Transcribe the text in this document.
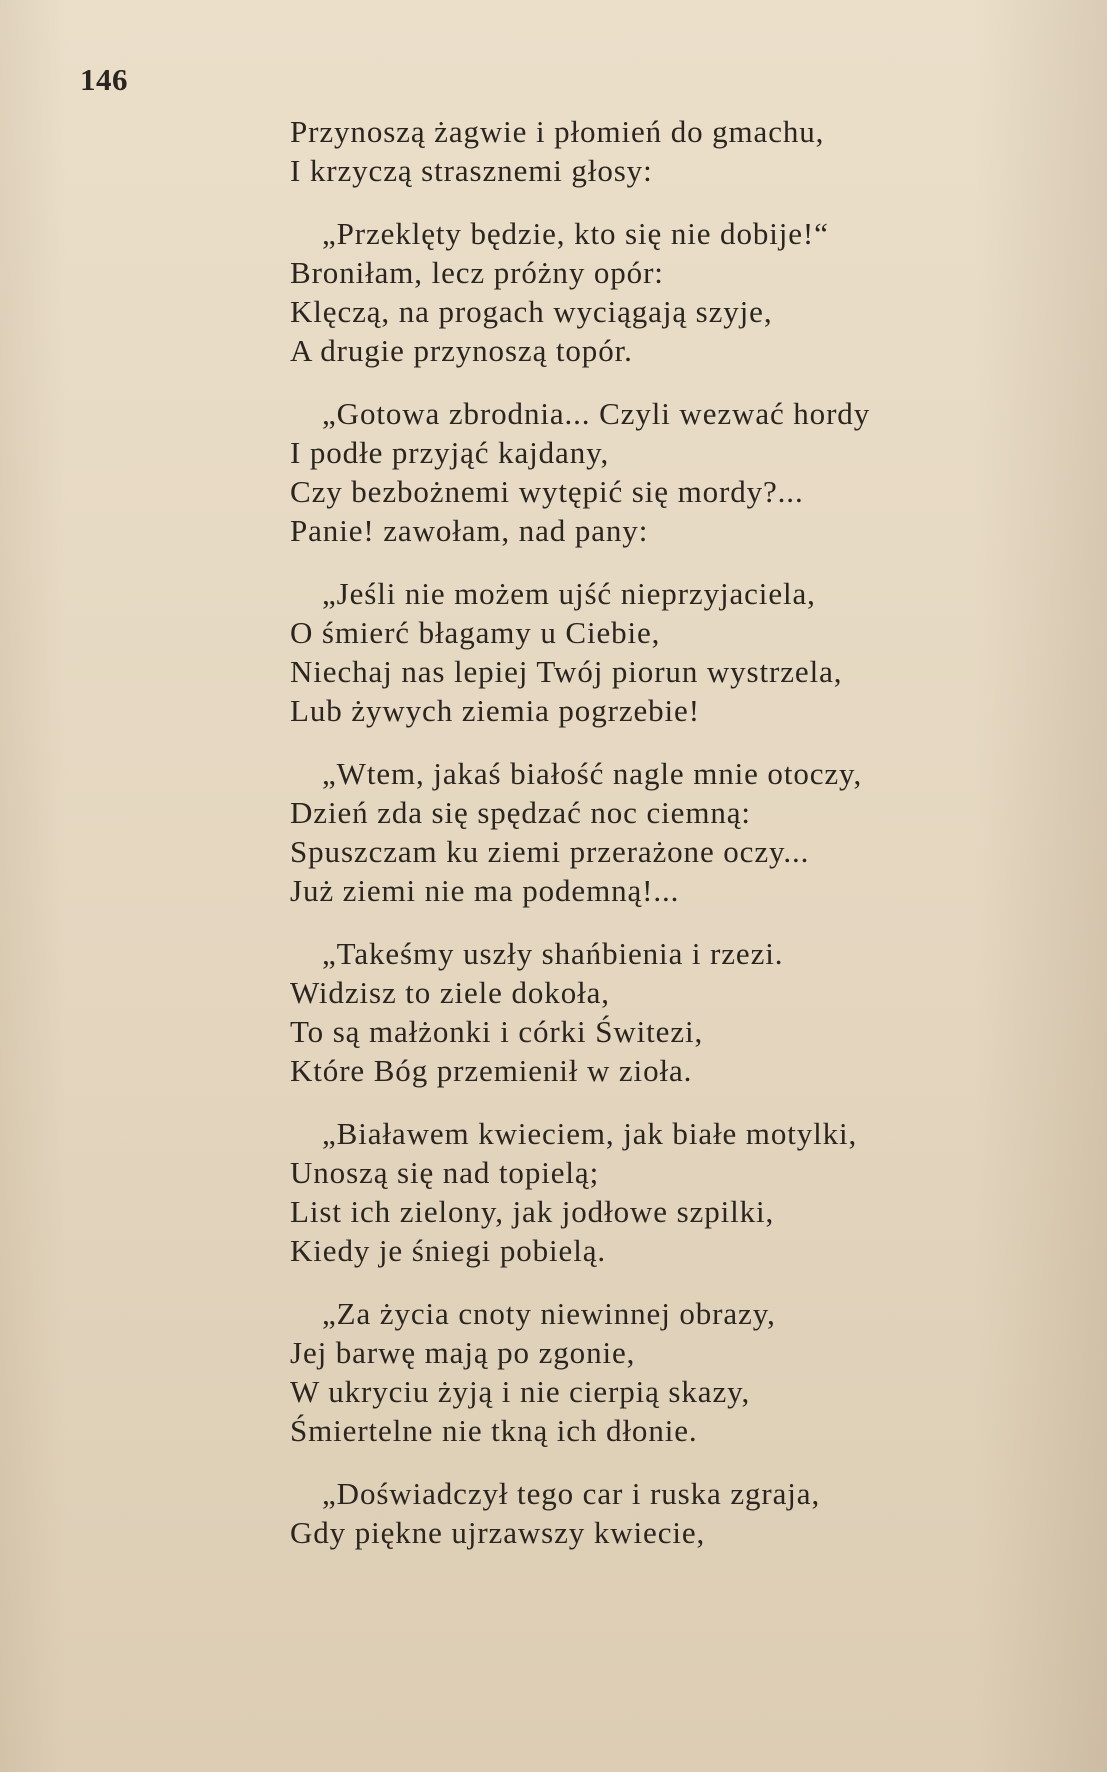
146
Przynoszą żagwie i płomień do gmachu,
I krzyczą strasznemi głosy:
„Przeklęty będzie, kto się nie dobije!“
Broniłam, lecz próżny opór:
Klęczą, na progach wyciągają szyje,
A drugie przynoszą topór.
„Gotowa zbrodnia... Czyli wezwać hordy
I podłe przyjąć kajdany,
Czy bezbożnemi wytępić się mordy?...
Panie! zawołam, nad pany:
„Jeśli nie możem ujść nieprzyjaciela,
O śmierć błagamy u Ciebie,
Niechaj nas lepiej Twój piorun wystrzela,
Lub żywych ziemia pogrzebie!
„Wtem, jakaś białość nagle mnie otoczy,
Dzień zda się spędzać noc ciemną:
Spuszczam ku ziemi przerażone oczy...
Już ziemi nie ma podemną!...
„Takeśmy uszły shańbienia i rzezi.
Widzisz to ziele dokoła,
To są małżonki i córki Świtezi,
Które Bóg przemienił w zioła.
„Białawem kwieciem, jak białe motylki,
Unoszą się nad topielą;
List ich zielony, jak jodłowe szpilki,
Kiedy je śniegi pobielą.
„Za życia cnoty niewinnej obrazy,
Jej barwę mają po zgonie,
W ukryciu żyją i nie cierpią skazy,
Śmiertelne nie tkną ich dłonie.
„Doświadczył tego car i ruska zgraja,
Gdy piękne ujrzawszy kwiecie,
